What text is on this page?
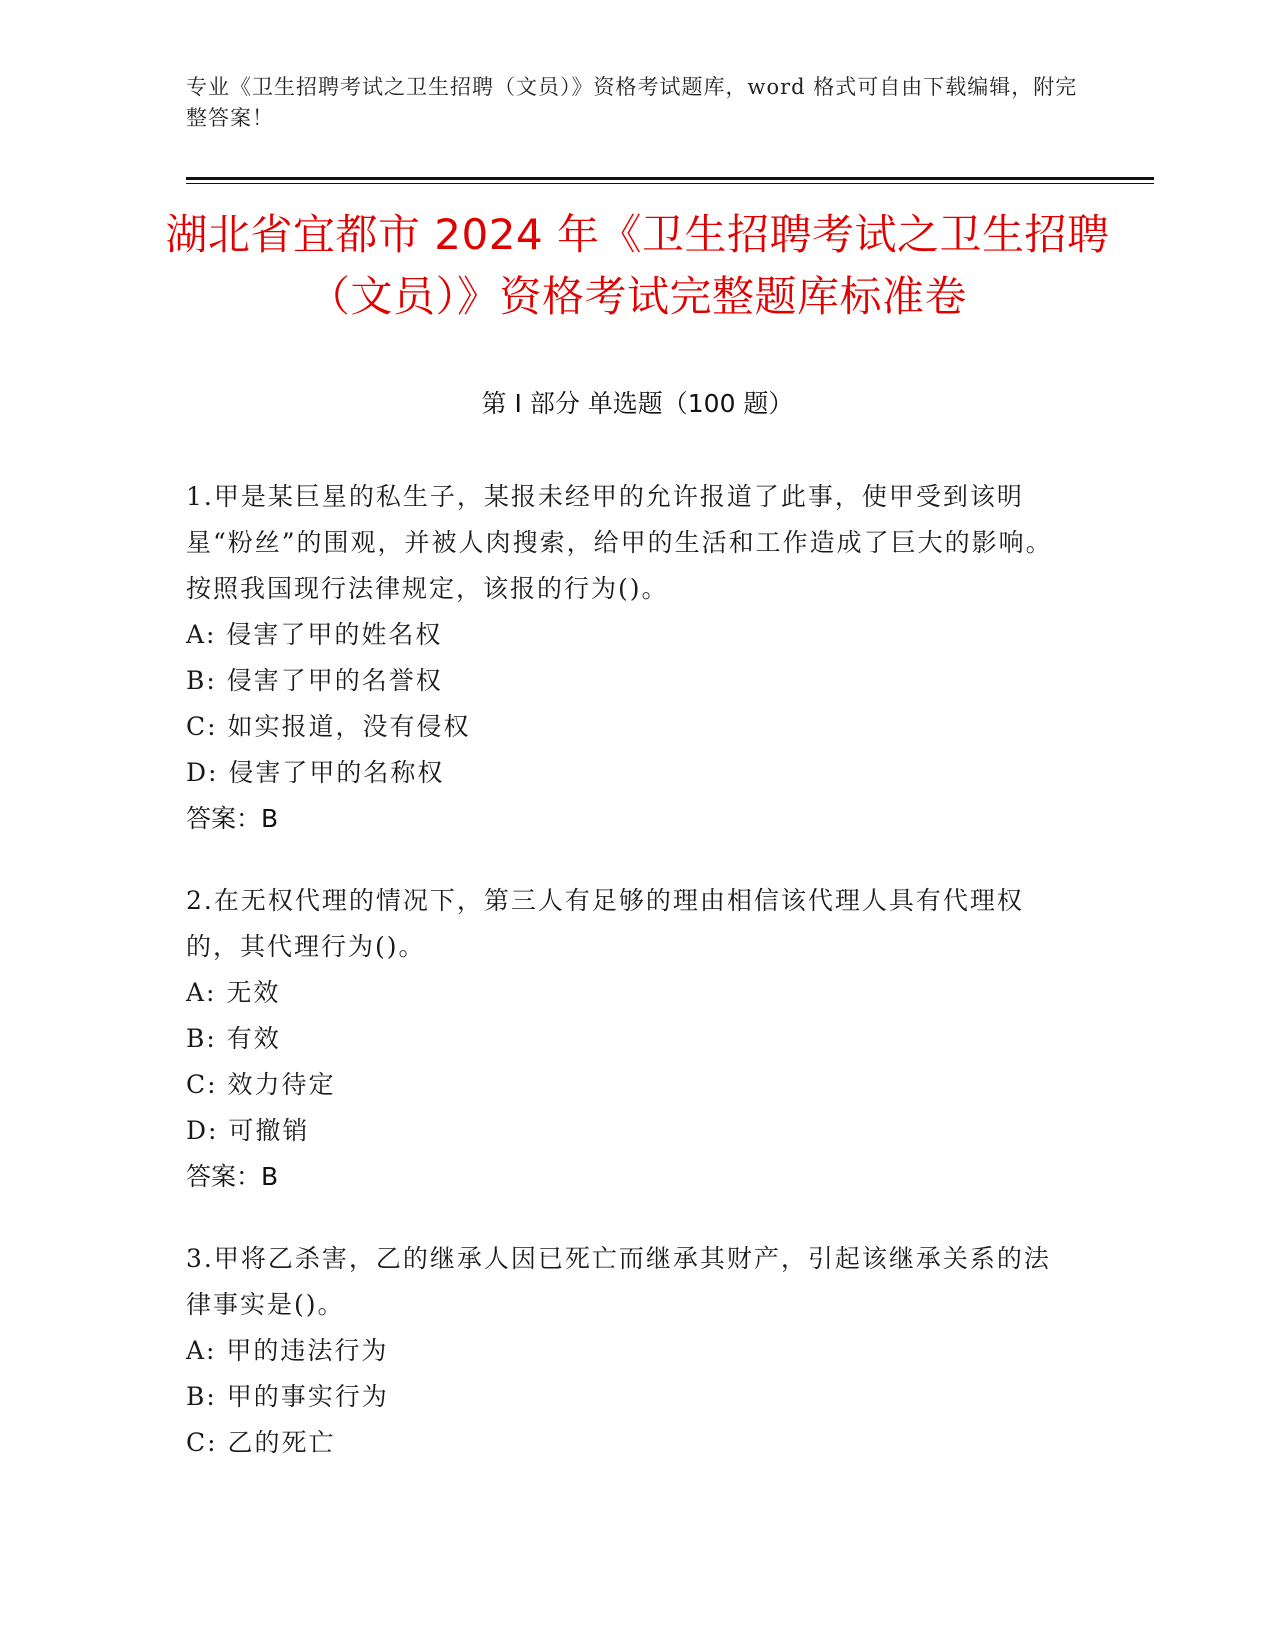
专业《卫生招聘考试之卫生招聘（文员）》资格考试题库，word 格式可自由下载编辑，附完整答案！
湖北省宜都市 2024 年《卫生招聘考试之卫生招聘（文员）》资格考试完整题库标准卷
第 I 部分 单选题（100 题）
1.甲是某巨星的私生子，某报未经甲的允许报道了此事，使甲受到该明星“粉丝”的围观，并被人肉搜索，给甲的生活和工作造成了巨大的影响。按照我国现行法律规定，该报的行为()。
A: 侵害了甲的姓名权
B: 侵害了甲的名誉权
C: 如实报道，没有侵权
D: 侵害了甲的名称权
答案：B
2.在无权代理的情况下，第三人有足够的理由相信该代理人具有代理权的，其代理行为()。
A: 无效
B: 有效
C: 效力待定
D: 可撤销
答案：B
3.甲将乙杀害，乙的继承人因已死亡而继承其财产，引起该继承关系的法律事实是()。
A: 甲的违法行为
B: 甲的事实行为
C: 乙的死亡
